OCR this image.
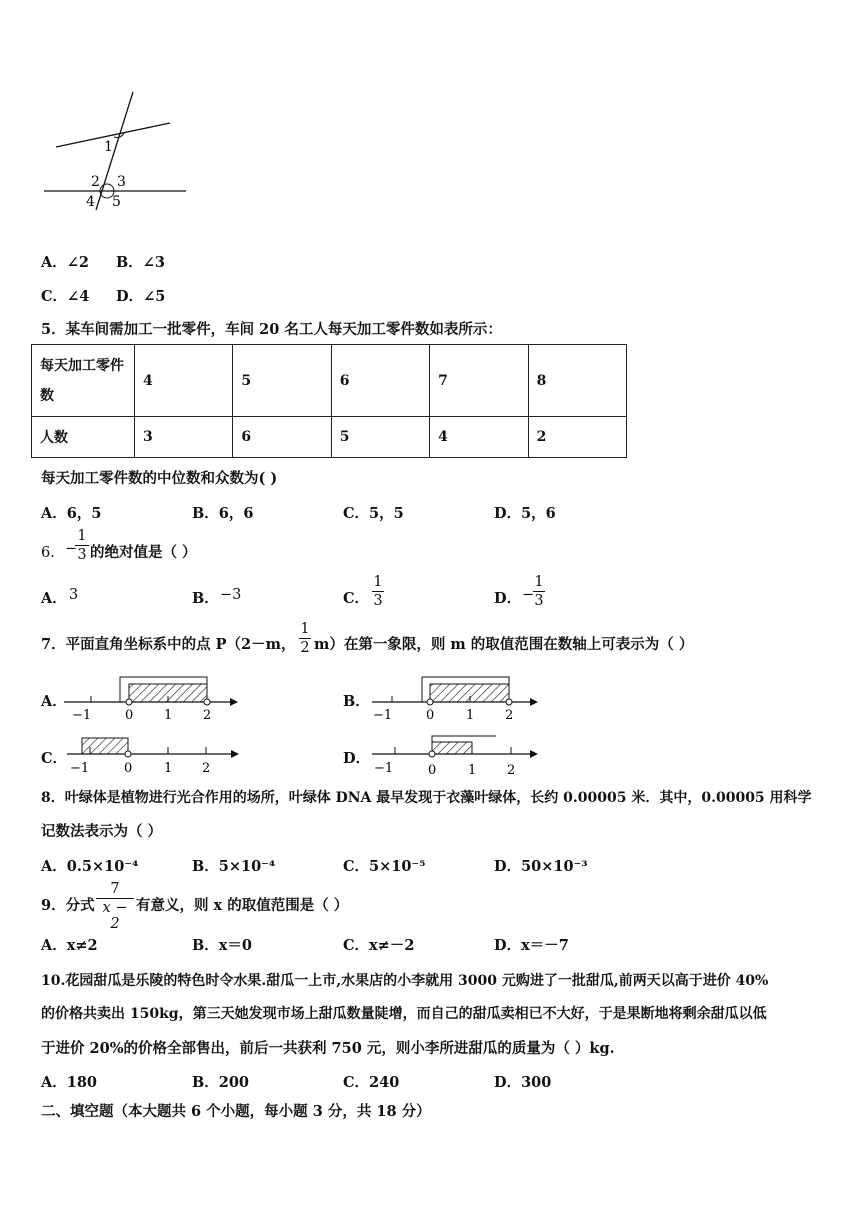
1
2 3
4 5
A．∠2 B．∠3
C．∠4 D．∠5
5．某车间需加工一批零件，车间 20 名工人每天加工零件数如表所示：
每天加工零件数	4	5	6	7	8
人数	3	6	5	4	2
每天加工零件数的中位数和众数为( )
A．6，5	B．6，6	C．5，5	D．5，6
6． −
1
3 的绝对值是（ ）
A． 3	B． −3	C．
1
3	D． −
1
3
7．平面直角坐标系中的点 P（2－m，
1
2 m）在第一象限，则 m 的取值范围在数轴上可表示为（ ）
A．
−1	0 1 2
B．
−1	0 1 2
C．
−1	0 1 2
D．
−1	0 1 2
8．叶绿体是植物进行光合作用的场所，叶绿体 DNA 最早发现于衣藻叶绿体，长约 0.00005 米．其中，0.00005 用科学
记数法表示为（ ）
A．0.5×10⁻⁴	B．5×10⁻⁴	C．5×10⁻⁵	D．50×10⁻³
9．分式
7
x − 2
有意义，则 x 的取值范围是（ ）
A．x≠2	B．x＝0	C．x≠－2	D．x＝－7
10.花园甜瓜是乐陵的特色时令水果.甜瓜一上市,水果店的小李就用 3000 元购进了一批甜瓜,前两天以高于进价 40%
的价格共卖出 150kg，第三天她发现市场上甜瓜数量陡增，而自己的甜瓜卖相已不大好，于是果断地将剩余甜瓜以低
于进价 20%的价格全部售出，前后一共获利 750 元，则小李所进甜瓜的质量为（ ）kg.
A．180	B．200	C．240	D．300
二、填空题（本大题共 6 个小题，每小题 3 分，共 18 分）
